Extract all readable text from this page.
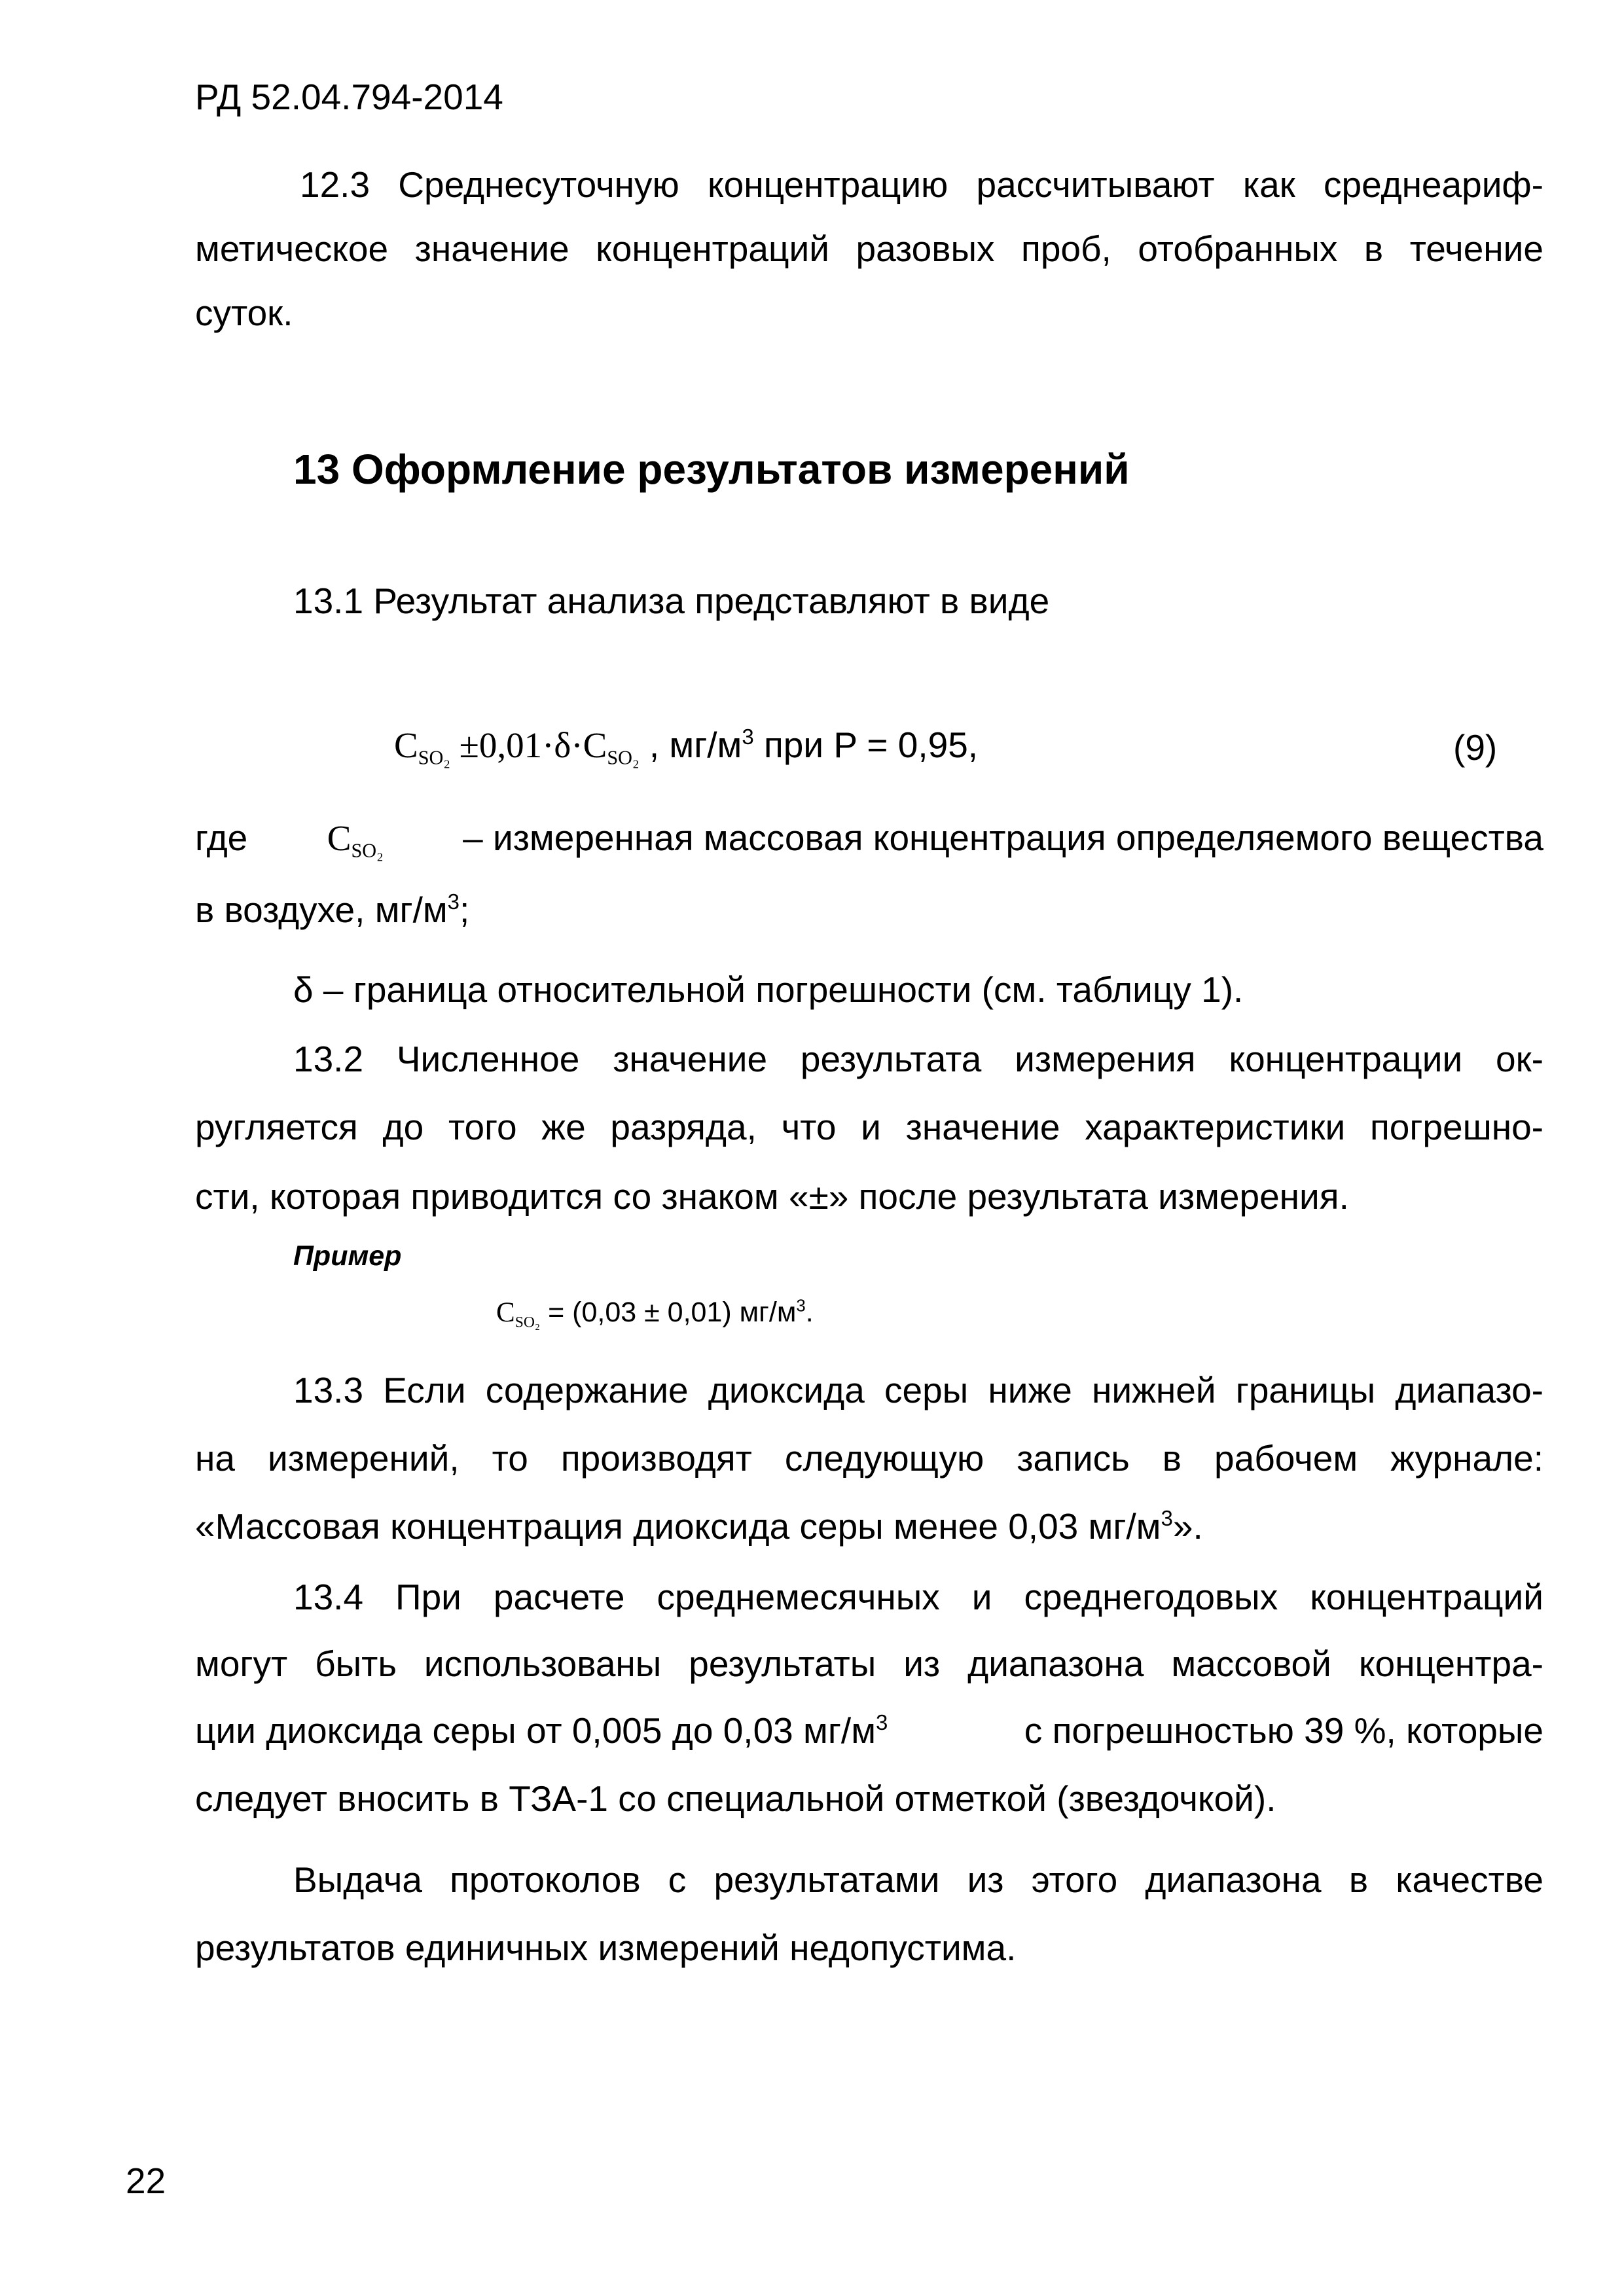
РД 52.04.794-2014
12.3 Среднесуточную концентрацию рассчитывают как среднеариф-
метическое значение концентраций разовых проб, отобранных в течение
суток.
13 Оформление результатов измерений
13.1 Результат анализа представляют в виде
$C_{SO_2} \pm 0,01\cdot\delta\cdot C_{SO_2}$ , $мг/м^3$ при P = 0,95,	(9)
где $C_{SO_2}$ – измеренная массовая концентрация определяемого вещества
в воздухе, $мг/м^3$;
δ – граница относительной погрешности (см. таблицу 1).
13.2 Численное значение результата измерения концентрации ок-
ругляется до того же разряда, что и значение характеристики погрешно-
сти, которая приводится со знаком «±» после результата измерения.
Пример
$C_{SO_2} = (0,03 \pm 0,01)$ $мг/м^3$.
13.3 Если содержание диоксида серы ниже нижней границы диапазо-
на измерений, то производят следующую запись в рабочем журнале:
«Массовая концентрация диоксида серы менее 0,03 $мг/м^3$».
13.4 При расчете среднемесячных и среднегодовых концентраций
могут быть использованы результаты из диапазона массовой концентра-
ции диоксида серы от 0,005 до 0,03 $мг/м^3$	с погрешностью 39 %, которые
следует вносить в ТЗА-1 со специальной отметкой (звездочкой).
Выдача протоколов с результатами из этого диапазона в качестве
результатов единичных измерений недопустима.
22
